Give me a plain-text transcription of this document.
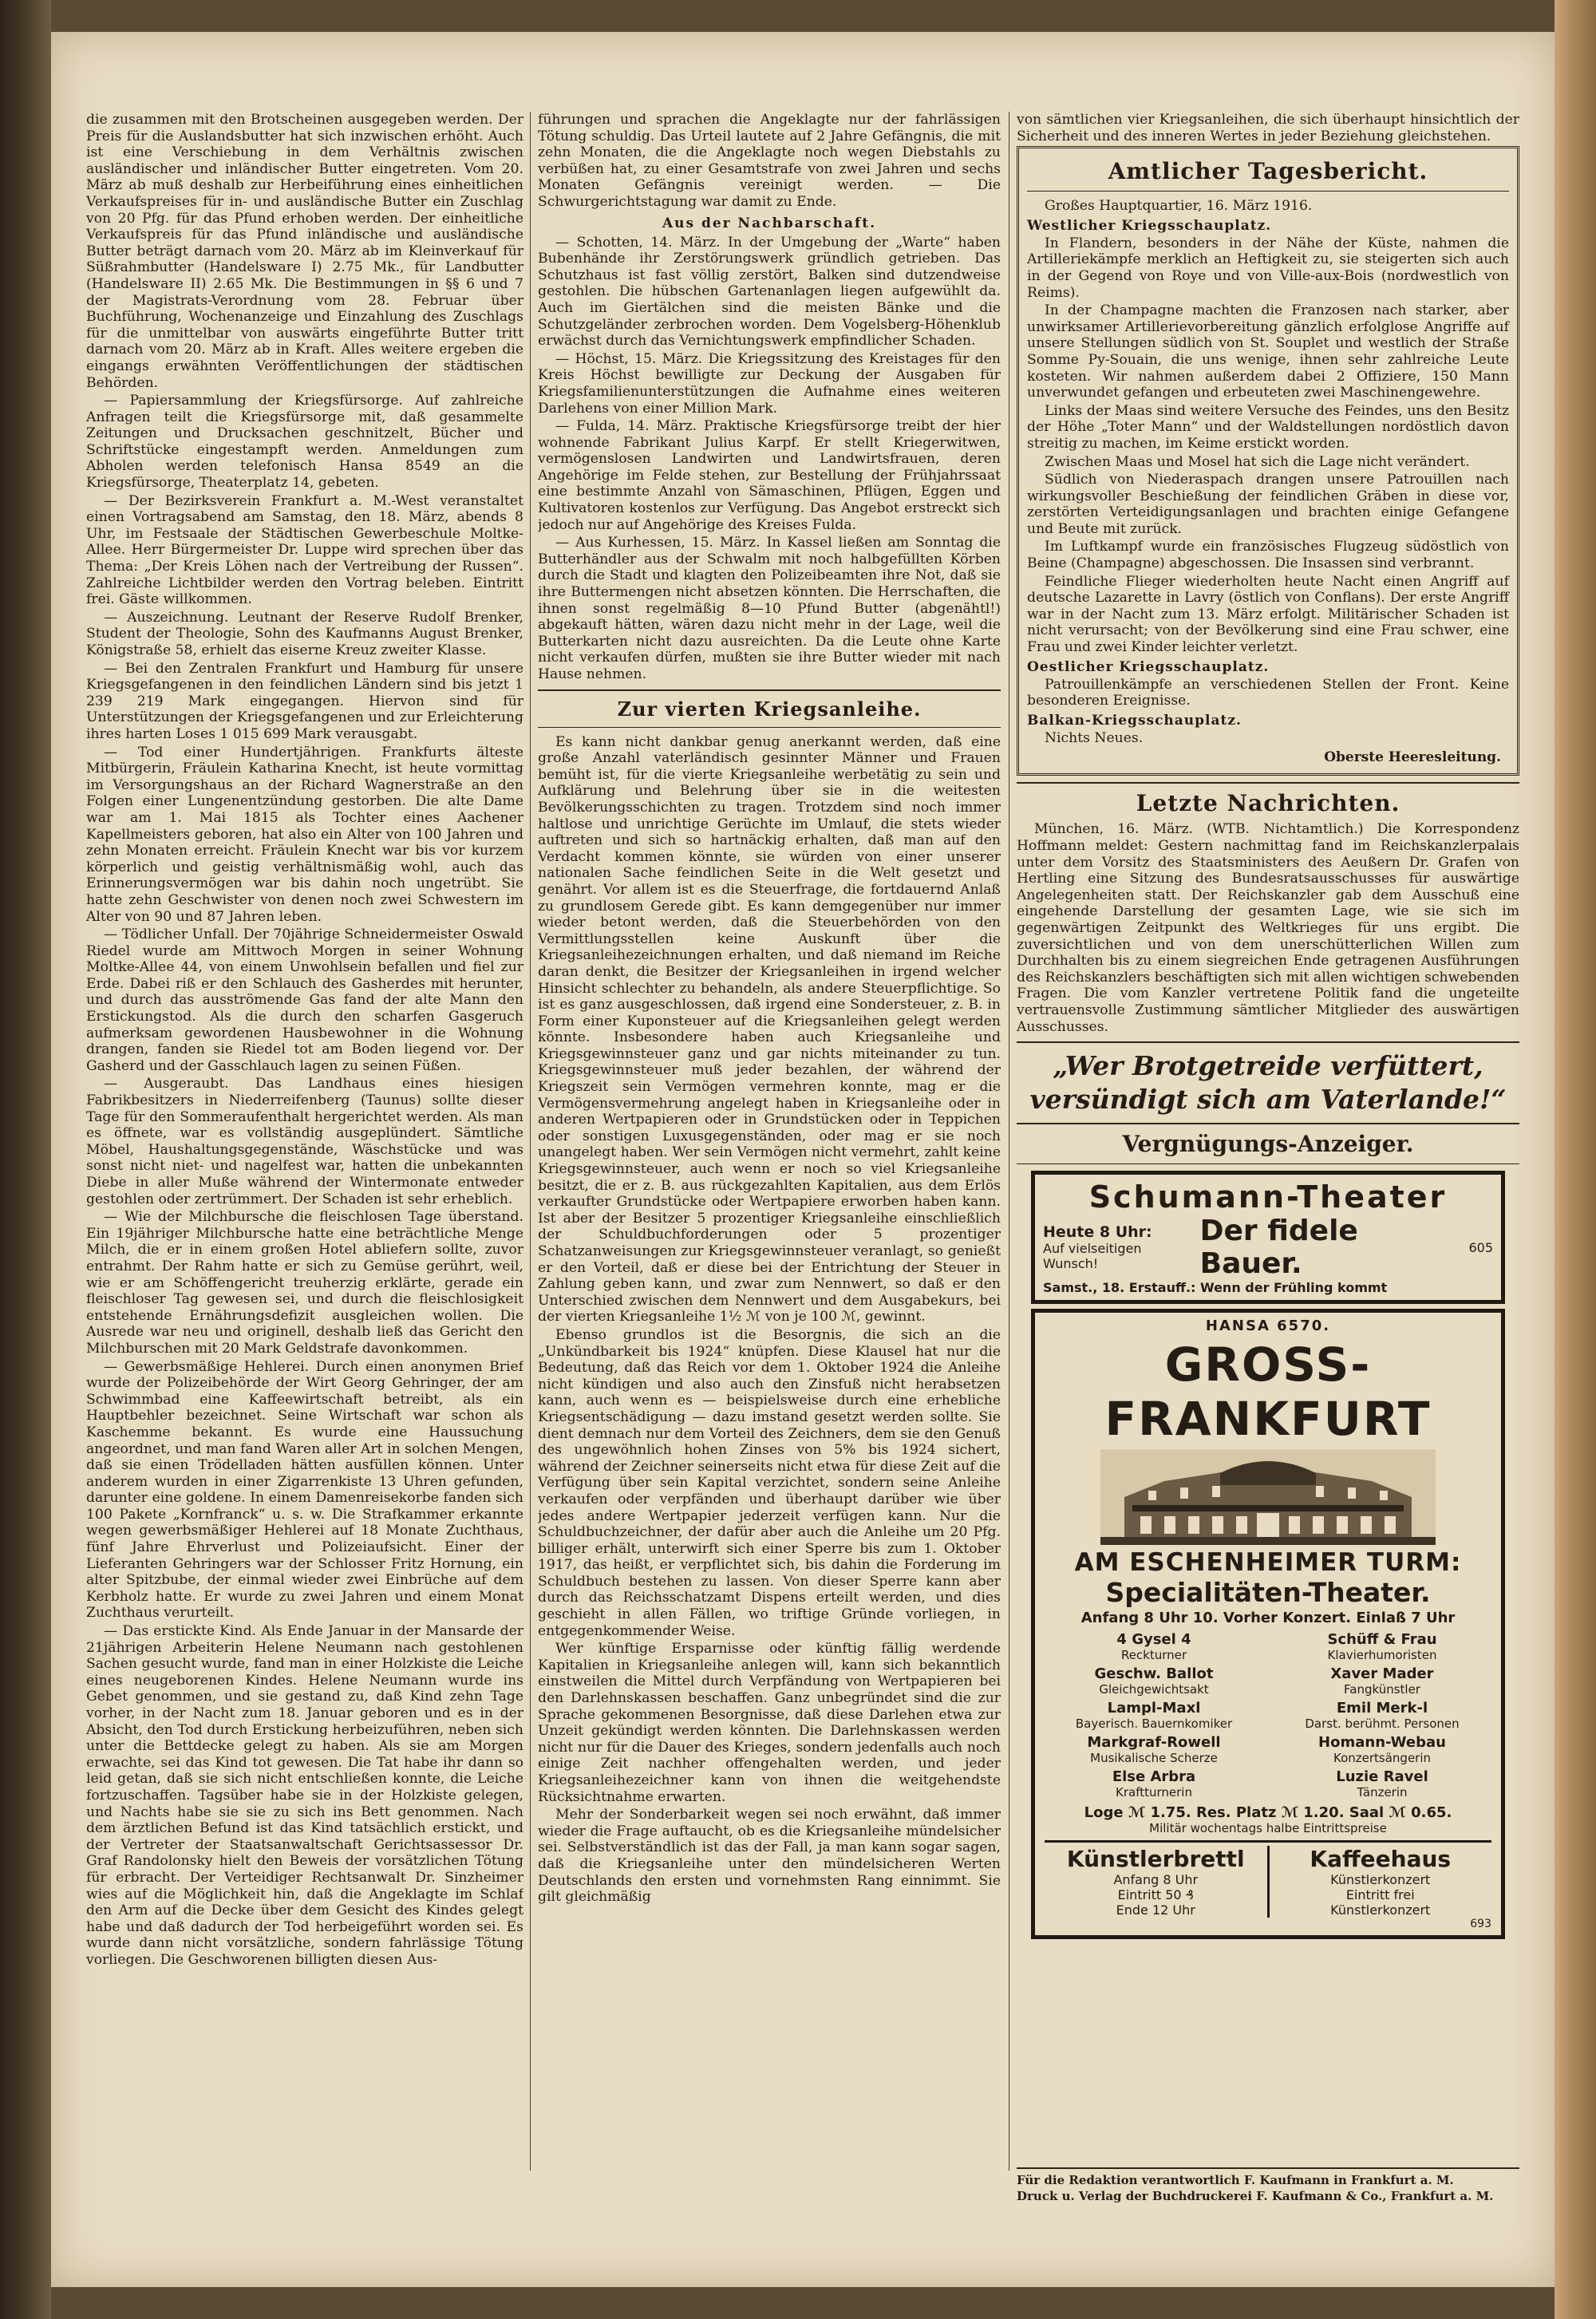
die zusammen mit den Brotscheinen ausgegeben werden. Der Preis für die Auslandsbutter hat sich inzwischen erhöht. Auch ist eine Verschiebung in dem Verhältnis zwischen ausländischer und inländischer Butter eingetreten. Vom 20. März ab muß deshalb zur Herbeiführung eines einheitlichen Verkaufspreises für in- und ausländische Butter ein Zuschlag von 20 Pfg. für das Pfund erhoben werden. Der einheitliche Verkaufspreis für das Pfund inländische und ausländische Butter beträgt darnach vom 20. März ab im Kleinverkauf für Süßrahmbutter (Handelsware I) 2.75 Mk., für Landbutter (Handelsware II) 2.65 Mk. Die Bestimmungen in §§ 6 und 7 der Magistrats-Verordnung vom 28. Februar über Buchführung, Wochenanzeige und Einzahlung des Zuschlags für die unmittelbar von auswärts eingeführte Butter tritt darnach vom 20. März ab in Kraft. Alles weitere ergeben die eingangs erwähnten Veröffentlichungen der städtischen Behörden.

— Papiersammlung der Kriegsfürsorge. Auf zahlreiche Anfragen teilt die Kriegsfürsorge mit, daß gesammelte Zeitungen und Drucksachen geschnitzelt, Bücher und Schriftstücke eingestampft werden. Anmeldungen zum Abholen werden telefonisch Hansa 8549 an die Kriegsfürsorge, Theaterplatz 14, gebeten.

— Der Bezirksverein Frankfurt a. M.-West veranstaltet einen Vortragsabend am Samstag, den 18. März, abends 8 Uhr, im Festsaale der Städtischen Gewerbeschule Moltke-Allee. Herr Bürgermeister Dr. Luppe wird sprechen über das Thema: „Der Kreis Löhen nach der Vertreibung der Russen“. Zahlreiche Lichtbilder werden den Vortrag beleben. Eintritt frei. Gäste willkommen.

— Auszeichnung. Leutnant der Reserve Rudolf Brenker, Student der Theologie, Sohn des Kaufmanns August Brenker, Königstraße 58, erhielt das eiserne Kreuz zweiter Klasse.

— Bei den Zentralen Frankfurt und Hamburg für unsere Kriegsgefangenen in den feindlichen Ländern sind bis jetzt 1 239 219 Mark eingegangen. Hiervon sind für Unterstützungen der Kriegsgefangenen und zur Erleichterung ihres harten Loses 1 015 699 Mark verausgabt.

— Tod einer Hundertjährigen. Frankfurts älteste Mitbürgerin, Fräulein Katharina Knecht, ist heute vormittag im Versorgungshaus an der Richard Wagnerstraße an den Folgen einer Lungenentzündung gestorben. Die alte Dame war am 1. Mai 1815 als Tochter eines Aachener Kapellmeisters geboren, hat also ein Alter von 100 Jahren und zehn Monaten erreicht. Fräulein Knecht war bis vor kurzem körperlich und geistig verhältnismäßig wohl, auch das Erinnerungsvermögen war bis dahin noch ungetrübt. Sie hatte zehn Geschwister von denen noch zwei Schwestern im Alter von 90 und 87 Jahren leben.

— Tödlicher Unfall. Der 70jährige Schneidermeister Oswald Riedel wurde am Mittwoch Morgen in seiner Wohnung Moltke-Allee 44, von einem Unwohlsein befallen und fiel zur Erde. Dabei riß er den Schlauch des Gasherdes mit herunter, und durch das ausströmende Gas fand der alte Mann den Erstickungstod. Als die durch den scharfen Gasgeruch aufmerksam gewordenen Hausbewohner in die Wohnung drangen, fanden sie Riedel tot am Boden liegend vor. Der Gasherd und der Gasschlauch lagen zu seinen Füßen.

— Ausgeraubt. Das Landhaus eines hiesigen Fabrikbesitzers in Niederreifenberg (Taunus) sollte dieser Tage für den Sommeraufenthalt hergerichtet werden. Als man es öffnete, war es vollständig ausgeplündert. Sämtliche Möbel, Haushaltungsgegenstände, Wäschstücke und was sonst nicht niet- und nagelfest war, hatten die unbekannten Diebe in aller Muße während der Wintermonate entweder gestohlen oder zertrümmert. Der Schaden ist sehr erheblich.

— Wie der Milchbursche die fleischlosen Tage überstand. Ein 19jähriger Milchbursche hatte eine beträchtliche Menge Milch, die er in einem großen Hotel abliefern sollte, zuvor entrahmt. Der Rahm hatte er sich zu Gemüse gerührt, weil, wie er am Schöffengericht treuherzig erklärte, gerade ein fleischloser Tag gewesen sei, und durch die fleischlosigkeit entstehende Ernährungsdefizit ausgleichen wollen. Die Ausrede war neu und originell, deshalb ließ das Gericht den Milchburschen mit 20 Mark Geldstrafe davonkommen.

— Gewerbsmäßige Hehlerei. Durch einen anonymen Brief wurde der Polizeibehörde der Wirt Georg Gehringer, der am Schwimmbad eine Kaffeewirtschaft betreibt, als ein Hauptbehler bezeichnet. Seine Wirtschaft war schon als Kaschemme bekannt. Es wurde eine Haussuchung angeordnet, und man fand Waren aller Art in solchen Mengen, daß sie einen Trödelladen hätten ausfüllen können. Unter anderem wurden in einer Zigarrenkiste 13 Uhren gefunden, darunter eine goldene. In einem Damenreisekorbe fanden sich 100 Pakete „Kornfranck“ u. s. w. Die Strafkammer erkannte wegen gewerbsmäßiger Hehlerei auf 18 Monate Zuchthaus, fünf Jahre Ehrverlust und Polizeiaufsicht. Einer der Lieferanten Gehringers war der Schlosser Fritz Hornung, ein alter Spitzbube, der einmal wieder zwei Einbrüche auf dem Kerbholz hatte. Er wurde zu zwei Jahren und einem Monat Zuchthaus verurteilt.

— Das erstickte Kind. Als Ende Januar in der Mansarde der 21jährigen Arbeiterin Helene Neumann nach gestohlenen Sachen gesucht wurde, fand man in einer Holzkiste die Leiche eines neugeborenen Kindes. Helene Neumann wurde ins Gebet genommen, und sie gestand zu, daß Kind zehn Tage vorher, in der Nacht zum 18. Januar geboren und es in der Absicht, den Tod durch Erstickung herbeizuführen, neben sich unter die Bettdecke gelegt zu haben. Als sie am Morgen erwachte, sei das Kind tot gewesen. Die Tat habe ihr dann so leid getan, daß sie sich nicht entschließen konnte, die Leiche fortzuschaffen. Tagsüber habe sie in der Holzkiste gelegen, und Nachts habe sie sie zu sich ins Bett genommen. Nach dem ärztlichen Befund ist das Kind tatsächlich erstickt, und der Vertreter der Staatsanwaltschaft Gerichtsassessor Dr. Graf Randolonsky hielt den Beweis der vorsätzlichen Tötung für erbracht. Der Verteidiger Rechtsanwalt Dr. Sinzheimer wies auf die Möglichkeit hin, daß die Angeklagte im Schlaf den Arm auf die Decke über dem Gesicht des Kindes gelegt habe und daß dadurch der Tod herbeigeführt worden sei. Es wurde dann nicht vorsätzliche, sondern fahrlässige Tötung vorliegen. Die Geschworenen billigten diesen Aus-

führungen und sprachen die Angeklagte nur der fahrlässigen Tötung schuldig. Das Urteil lautete auf 2 Jahre Gefängnis, die mit zehn Monaten, die die Angeklagte noch wegen Diebstahls zu verbüßen hat, zu einer Gesamtstrafe von zwei Jahren und sechs Monaten Gefängnis vereinigt werden. — Die Schwurgerichtstagung war damit zu Ende.

Aus der Nachbarschaft.

— Schotten, 14. März. In der Umgebung der „Warte“ haben Bubenhände ihr Zerstörungswerk gründlich getrieben. Das Schutzhaus ist fast völlig zerstört, Balken sind dutzendweise gestohlen. Die hübschen Gartenanlagen liegen aufgewühlt da. Auch im Giertälchen sind die meisten Bänke und die Schutzgeländer zerbrochen worden. Dem Vogelsberg-Höhenklub erwächst durch das Vernichtungswerk empfindlicher Schaden.

— Höchst, 15. März. Die Kriegssitzung des Kreistages für den Kreis Höchst bewilligte zur Deckung der Ausgaben für Kriegsfamilienunterstützungen die Aufnahme eines weiteren Darlehens von einer Million Mark.

— Fulda, 14. März. Praktische Kriegsfürsorge treibt der hier wohnende Fabrikant Julius Karpf. Er stellt Kriegerwitwen, vermögenslosen Landwirten und Landwirtsfrauen, deren Angehörige im Felde stehen, zur Bestellung der Frühjahrssaat eine bestimmte Anzahl von Sämaschinen, Pflügen, Eggen und Kultivatoren kostenlos zur Verfügung. Das Angebot erstreckt sich jedoch nur auf Angehörige des Kreises Fulda.

— Aus Kurhessen, 15. März. In Kassel ließen am Sonntag die Butterhändler aus der Schwalm mit noch halbgefüllten Körben durch die Stadt und klagten den Polizeibeamten ihre Not, daß sie ihre Buttermengen nicht absetzen könnten. Die Herrschaften, die ihnen sonst regelmäßig 8—10 Pfund Butter (abgenähtl!) abgekauft hätten, wären dazu nicht mehr in der Lage, weil die Butterkarten nicht dazu ausreichten. Da die Leute ohne Karte nicht verkaufen dürfen, mußten sie ihre Butter wieder mit nach Hause nehmen.

Zur vierten Kriegsanleihe.

Es kann nicht dankbar genug anerkannt werden, daß eine große Anzahl vaterländisch gesinnter Männer und Frauen bemüht ist, für die vierte Kriegsanleihe werbetätig zu sein und Aufklärung und Belehrung über sie in die weitesten Bevölkerungsschichten zu tragen. Trotzdem sind noch immer haltlose und unrichtige Gerüchte im Umlauf, die stets wieder auftreten und sich so hartnäckig erhalten, daß man auf den Verdacht kommen könnte, sie würden von einer unserer nationalen Sache feindlichen Seite in die Welt gesetzt und genährt. Vor allem ist es die Steuerfrage, die fortdauernd Anlaß zu grundlosem Gerede gibt. Es kann demgegenüber nur immer wieder betont werden, daß die Steuerbehörden von den Vermittlungsstellen keine Auskunft über die Kriegsanleihezeichnungen erhalten, und daß niemand im Reiche daran denkt, die Besitzer der Kriegsanleihen in irgend welcher Hinsicht schlechter zu behandeln, als andere Steuerpflichtige. So ist es ganz ausgeschlossen, daß irgend eine Sondersteuer, z. B. in Form einer Kuponsteuer auf die Kriegsanleihen gelegt werden könnte. Insbesondere haben auch Kriegsanleihe und Kriegsgewinnsteuer ganz und gar nichts miteinander zu tun. Kriegsgewinnsteuer muß jeder bezahlen, der während der Kriegszeit sein Vermögen vermehren konnte, mag er die Vermögensvermehrung angelegt haben in Kriegsanleihe oder in anderen Wertpapieren oder in Grundstücken oder in Teppichen oder sonstigen Luxusgegenständen, oder mag er sie noch unangelegt haben. Wer sein Vermögen nicht vermehrt, zahlt keine Kriegsgewinnsteuer, auch wenn er noch so viel Kriegsanleihe besitzt, die er z. B. aus rückgezahlten Kapitalien, aus dem Erlös verkaufter Grundstücke oder Wertpapiere erworben haben kann. Ist aber der Besitzer 5 prozentiger Kriegsanleihe einschließlich der Schuldbuchforderungen oder 5 prozentiger Schatzanweisungen zur Kriegsgewinnsteuer veranlagt, so genießt er den Vorteil, daß er diese bei der Entrichtung der Steuer in Zahlung geben kann, und zwar zum Nennwert, so daß er den Unterschied zwischen dem Nennwert und dem Ausgabekurs, bei der vierten Kriegsanleihe 1½ ℳ von je 100 ℳ, gewinnt.

Ebenso grundlos ist die Besorgnis, die sich an die „Unkündbarkeit bis 1924“ knüpfen. Diese Klausel hat nur die Bedeutung, daß das Reich vor dem 1. Oktober 1924 die Anleihe nicht kündigen und also auch den Zinsfuß nicht herabsetzen kann, auch wenn es — beispielsweise durch eine erhebliche Kriegsentschädigung — dazu imstand gesetzt werden sollte. Sie dient demnach nur dem Vorteil des Zeichners, dem sie den Genuß des ungewöhnlich hohen Zinses von 5% bis 1924 sichert, während der Zeichner seinerseits nicht etwa für diese Zeit auf die Verfügung über sein Kapital verzichtet, sondern seine Anleihe verkaufen oder verpfänden und überhaupt darüber wie über jedes andere Wertpapier jederzeit verfügen kann. Nur die Schuldbuchzeichner, der dafür aber auch die Anleihe um 20 Pfg. billiger erhält, unterwirft sich einer Sperre bis zum 1. Oktober 1917, das heißt, er verpflichtet sich, bis dahin die Forderung im Schuldbuch bestehen zu lassen. Von dieser Sperre kann aber durch das Reichsschatzamt Dispens erteilt werden, und dies geschieht in allen Fällen, wo triftige Gründe vorliegen, in entgegenkommender Weise.

Wer künftige Ersparnisse oder künftig fällig werdende Kapitalien in Kriegsanleihe anlegen will, kann sich bekanntlich einstweilen die Mittel durch Verpfändung von Wertpapieren bei den Darlehnskassen beschaffen. Ganz unbegründet sind die zur Sprache gekommenen Besorgnisse, daß diese Darlehen etwa zur Unzeit gekündigt werden könnten. Die Darlehnskassen werden nicht nur für die Dauer des Krieges, sondern jedenfalls auch noch einige Zeit nachher offengehalten werden, und jeder Kriegsanleihezeichner kann von ihnen die weitgehendste Rücksichtnahme erwarten.

Mehr der Sonderbarkeit wegen sei noch erwähnt, daß immer wieder die Frage auftaucht, ob es die Kriegsanleihe mündelsicher sei. Selbstverständlich ist das der Fall, ja man kann sogar sagen, daß die Kriegsanleihe unter den mündelsicheren Werten Deutschlands den ersten und vornehmsten Rang einnimmt. Sie gilt gleichmäßig

von sämtlichen vier Kriegsanleihen, die sich überhaupt hinsichtlich der Sicherheit und des inneren Wertes in jeder Beziehung gleichstehen.

Amtlicher Tagesbericht.

Großes Hauptquartier, 16. März 1916.

Westlicher Kriegsschauplatz.

In Flandern, besonders in der Nähe der Küste, nahmen die Artilleriekämpfe merklich an Heftigkeit zu, sie steigerten sich auch in der Gegend von Roye und von Ville-aux-Bois (nordwestlich von Reims).

In der Champagne machten die Franzosen nach starker, aber unwirksamer Artillerievorbereitung gänzlich erfolglose Angriffe auf unsere Stellungen südlich von St. Souplet und westlich der Straße Somme Py-Souain, die uns wenige, ihnen sehr zahlreiche Leute kosteten. Wir nahmen außerdem dabei 2 Offiziere, 150 Mann unverwundet gefangen und erbeuteten zwei Maschinengewehre.

Links der Maas sind weitere Versuche des Feindes, uns den Besitz der Höhe „Toter Mann“ und der Waldstellungen nordöstlich davon streitig zu machen, im Keime erstickt worden.

Zwischen Maas und Mosel hat sich die Lage nicht verändert.

Südlich von Niederaspach drangen unsere Patrouillen nach wirkungsvoller Beschießung der feindlichen Gräben in diese vor, zerstörten Verteidigungsanlagen und brachten einige Gefangene und Beute mit zurück.

Im Luftkampf wurde ein französisches Flugzeug südöstlich von Beine (Champagne) abgeschossen. Die Insassen sind verbrannt.

Feindliche Flieger wiederholten heute Nacht einen Angriff auf deutsche Lazarette in Lavry (östlich von Conflans). Der erste Angriff war in der Nacht zum 13. März erfolgt. Militärischer Schaden ist nicht verursacht; von der Bevölkerung sind eine Frau schwer, eine Frau und zwei Kinder leichter verletzt.

Oestlicher Kriegsschauplatz.

Patrouillenkämpfe an verschiedenen Stellen der Front. Keine besonderen Ereignisse.

Balkan-Kriegsschauplatz.

Nichts Neues.

Oberste Heeresleitung.
Letzte Nachrichten.

München, 16. März. (WTB. Nichtamtlich.) Die Korrespondenz Hoffmann meldet: Gestern nachmittag fand im Reichskanzlerpalais unter dem Vorsitz des Staatsministers des Aeußern Dr. Grafen von Hertling eine Sitzung des Bundesratsausschusses für auswärtige Angelegenheiten statt. Der Reichskanzler gab dem Ausschuß eine eingehende Darstellung der gesamten Lage, wie sie sich im gegenwärtigen Zeitpunkt des Weltkrieges für uns ergibt. Die zuversichtlichen und von dem unerschütterlichen Willen zum Durchhalten bis zu einem siegreichen Ende getragenen Ausführungen des Reichskanzlers beschäftigten sich mit allen wichtigen schwebenden Fragen. Die vom Kanzler vertretene Politik fand die ungeteilte vertrauensvolle Zustimmung sämtlicher Mitglieder des auswärtigen Ausschusses.

„Wer Brotgetreide verfüttert, versündigt sich am Vaterlande!“
Vergnügungs-Anzeiger.
Schumann-Theater
Heute 8 Uhr:
Auf vielseitigen Wunsch!
Der fidele Bauer.	605
Samst., 18. Erstauff.: Wenn der Frühling kommt
HANSA 6570.
GROSS-FRANKFURT
AM ESCHENHEIMER TURM:
Specialitäten-Theater.
Anfang 8 Uhr 10. Vorher Konzert. Einlaß 7 Uhr
4 Gysel 4
Reckturner
Schüff & Frau
Klavierhumoristen
Geschw. Ballot
Gleichgewichtsakt
Xaver Mader
Fangkünstler
Lampl-Maxl
Bayerisch. Bauernkomiker
Emil Merk-l
Darst. berühmt. Personen
Markgraf-Rowell
Musikalische Scherze
Homann-Webau
Konzertsängerin
Else Arbra
Kraftturnerin
Luzie Ravel
Tänzerin
Loge ℳ 1.75. Res. Platz ℳ 1.20. Saal ℳ 0.65.
Militär wochentags halbe Eintrittspreise
Künstlerbrettl
Anfang 8 Uhr
Eintritt 50 ₰
Ende 12 Uhr
Kaffeehaus
Künstlerkonzert
Eintritt frei
Künstlerkonzert
693
Für die Redaktion verantwortlich F. Kaufmann in Frankfurt a. M.
Druck u. Verlag der Buchdruckerei F. Kaufmann & Co., Frankfurt a. M.
